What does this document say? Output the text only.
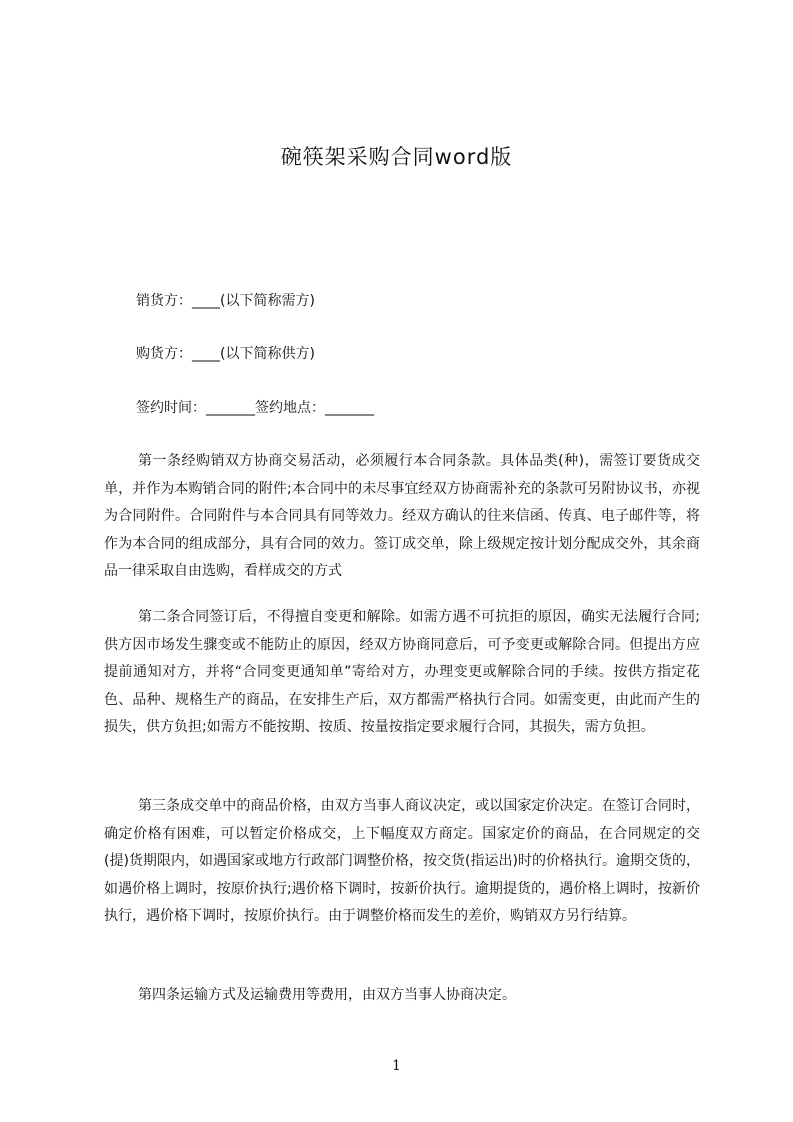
碗筷架采购合同word版
销货方：____(以下简称需方)
购货方：____(以下简称供方)
签约时间：_______签约地点：_______

第一条经购销双方协商交易活动，必须履行本合同条款。具体品类(种)，需签订要货成交单，并作为本购销合同的附件;本合同中的未尽事宜经双方协商需补充的条款可另附协议书，亦视为合同附件。合同附件与本合同具有同等效力。经双方确认的往来信函、传真、电子邮件等，将作为本合同的组成部分，具有合同的效力。签订成交单，除上级规定按计划分配成交外，其余商品一律采取自由选购，看样成交的方式

第二条合同签订后，不得擅自变更和解除。如需方遇不可抗拒的原因，确实无法履行合同;供方因市场发生骤变或不能防止的原因，经双方协商同意后，可予变更或解除合同。但提出方应提前通知对方，并将“合同变更通知单”寄给对方，办理变更或解除合同的手续。按供方指定花色、品种、规格生产的商品，在安排生产后，双方都需严格执行合同。如需变更，由此而产生的损失，供方负担;如需方不能按期、按质、按量按指定要求履行合同，其损失，需方负担。

第三条成交单中的商品价格，由双方当事人商议决定，或以国家定价决定。在签订合同时，确定价格有困难，可以暂定价格成交，上下幅度双方商定。国家定价的商品，在合同规定的交(提)货期限内，如遇国家或地方行政部门调整价格，按交货(指运出)时的价格执行。逾期交货的，如遇价格上调时，按原价执行;遇价格下调时，按新价执行。逾期提货的，遇价格上调时，按新价执行，遇价格下调时，按原价执行。由于调整价格而发生的差价，购销双方另行结算。

第四条运输方式及运输费用等费用，由双方当事人协商决定。

1
